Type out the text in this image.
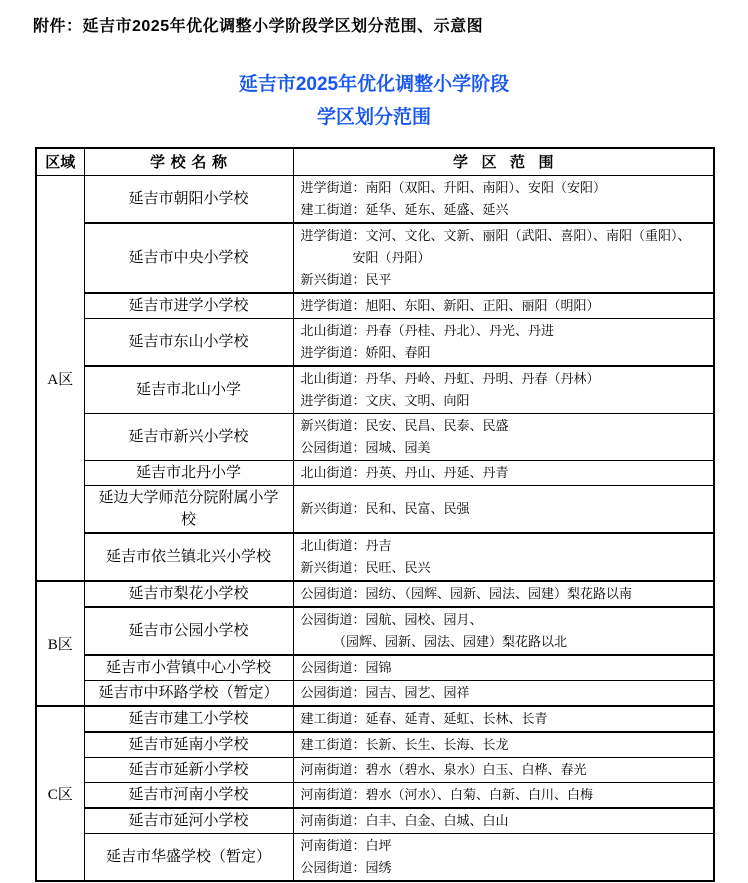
附件：延吉市2025年优化调整小学阶段学区划分范围、示意图
延吉市2025年优化调整小学阶段
学区划分范围
区域	学校名称	学区范围
A区	延吉市朝阳小学校	进学街道：南阳（双阳、升阳、南阳）、安阳（安阳）
建工街道：延华、延东、延盛、延兴

	延吉市中央小学校	进学街道：文河、文化、文新、丽阳（武阳、喜阳）、南阳（重阳）、
　　　　安阳（丹阳）
新兴街道：民平

	延吉市进学小学校	进学街道：旭阳、东阳、新阳、正阳、丽阳（明阳）

	延吉市东山小学校	北山街道：丹春（丹桂、丹北）、丹光、丹进
进学街道：娇阳、春阳

	延吉市北山小学	北山街道：丹华、丹岭、丹虹、丹明、丹春（丹林）
进学街道：文庆、文明、向阳

	延吉市新兴小学校	新兴街道：民安、民昌、民泰、民盛
公园街道：园城、园美

	延吉市北丹小学	北山街道：丹英、丹山、丹延、丹青

	延边大学师范分院附属小学校	新兴街道：民和、民富、民强

	延吉市依兰镇北兴小学校	北山街道：丹吉
新兴街道：民旺、民兴

B区	延吉市梨花小学校	公园街道：园纺、（园辉、园新、园法、园建）梨花路以南

	延吉市公园小学校	公园街道：园航、园校、园月、
　　　（园辉、园新、园法、园建）梨花路以北

	延吉市小营镇中心小学校	公园街道：园锦

	延吉市中环路学校（暂定）	公园街道：园吉、园艺、园祥

C区	延吉市建工小学校	建工街道：延春、延青、延虹、长林、长青

	延吉市延南小学校	建工街道：长新、长生、长海、长龙

	延吉市延新小学校	河南街道：碧水（碧水、泉水）白玉、白桦、春光

	延吉市河南小学校	河南街道：碧水（河水）、白菊、白新、白川、白梅

	延吉市延河小学校	河南街道：白丰、白金、白城、白山

	延吉市华盛学校（暂定）	河南街道：白坪
公园街道：园绣
